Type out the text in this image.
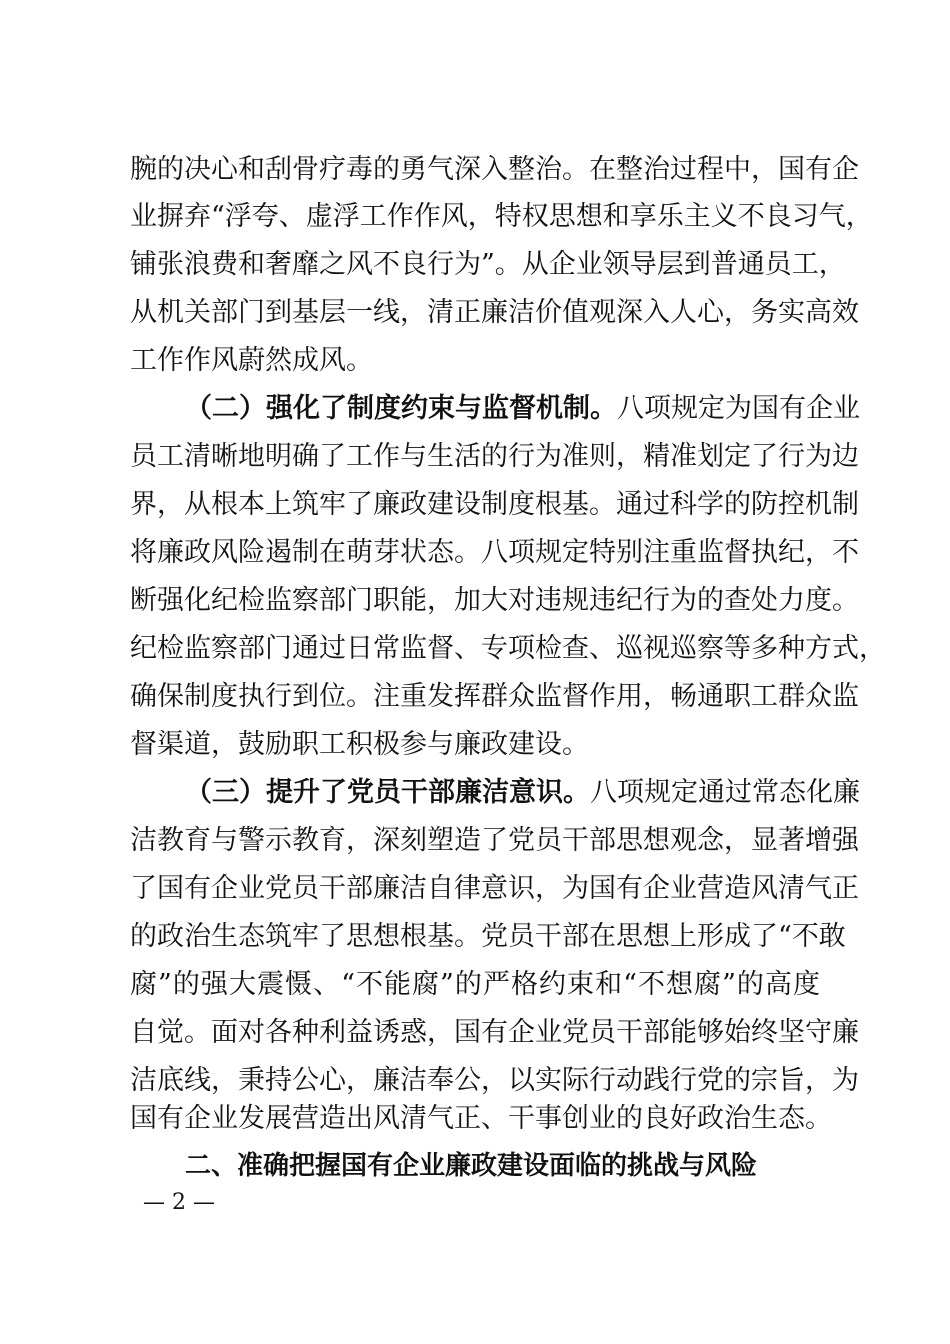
腕的决心和刮骨疗毒的勇气深入整治。在整治过程中，国有企
业摒弃“浮夸、虚浮工作作风，特权思想和享乐主义不良习气，
铺张浪费和奢靡之风不良行为”。从企业领导层到普通员工，
从机关部门到基层一线，清正廉洁价值观深入人心，务实高效
工作作风蔚然成风。
（二）强化了制度约束与监督机制。八项规定为国有企业
员工清晰地明确了工作与生活的行为准则，精准划定了行为边
界，从根本上筑牢了廉政建设制度根基。通过科学的防控机制
将廉政风险遏制在萌芽状态。八项规定特别注重监督执纪，不
断强化纪检监察部门职能，加大对违规违纪行为的查处力度。
纪检监察部门通过日常监督、专项检查、巡视巡察等多种方式，
确保制度执行到位。注重发挥群众监督作用，畅通职工群众监
督渠道，鼓励职工积极参与廉政建设。
（三）提升了党员干部廉洁意识。八项规定通过常态化廉
洁教育与警示教育，深刻塑造了党员干部思想观念，显著增强
了国有企业党员干部廉洁自律意识，为国有企业营造风清气正
的政治生态筑牢了思想根基。党员干部在思想上形成了“不敢
腐”的强大震慑、“不能腐”的严格约束和“不想腐”的高度
自觉。面对各种利益诱惑，国有企业党员干部能够始终坚守廉
洁底线，秉持公心，廉洁奉公，以实际行动践行党的宗旨，为
国有企业发展营造出风清气正、干事创业的良好政治生态。
二、准确把握国有企业廉政建设面临的挑战与风险
— 2 —
